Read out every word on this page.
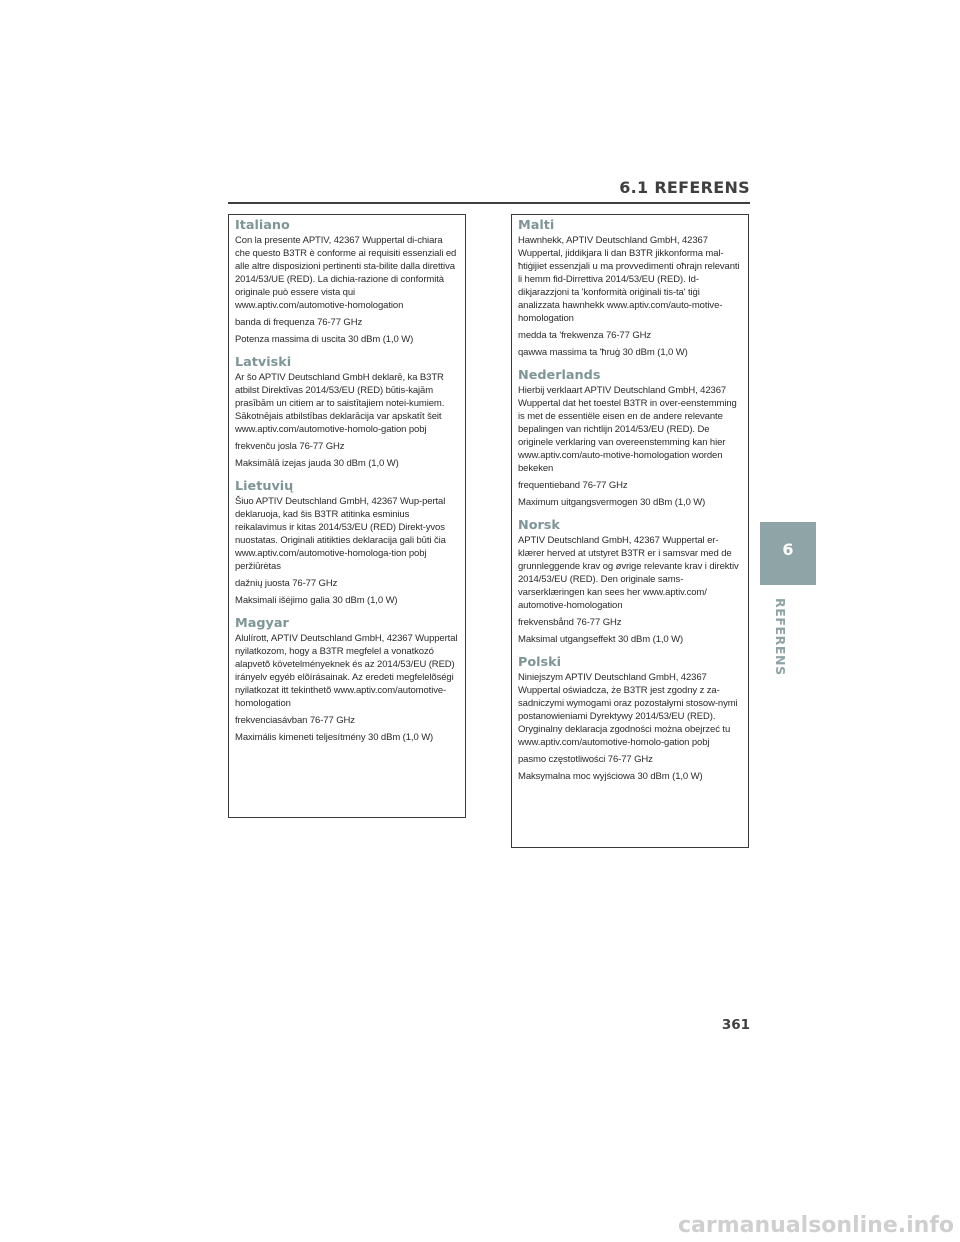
6.1 REFERENS
Italiano

Con la presente APTIV, 42367 Wuppertal di-chiara che questo B3TR è conforme ai requisiti essenziali ed alle altre disposizioni pertinenti sta-bilite dalla direttiva 2014/53/UE (RED). La dichia-razione di conformità originale può essere vista qui www.aptiv.com/automotive-homologation

banda di frequenza 76-77 GHz

Potenza massima di uscita 30 dBm (1,0 W)

Latviski

Ar šo APTIV Deutschland GmbH deklarē, ka B3TR atbilst Direktīvas 2014/53/EU (RED) būtis-kajām prasībām un citiem ar to saistītajiem notei-kumiem. Sākotnējais atbilstības deklarācija var apskatīt šeit www.aptiv.com/automotive-homolo-gation pobj

frekvenču josla 76-77 GHz

Maksimālā izejas jauda 30 dBm (1,0 W)

Lietuvių

Šiuo APTIV Deutschland GmbH, 42367 Wup-pertal deklaruoja, kad šis B3TR atitinka esminius reikalavimus ir kitas 2014/53/EU (RED) Direkt-yvos nuostatas. Originali atitikties deklaracija gali būti čia www.aptiv.com/automotive-homologa-tion pobj peržiūrėtas

dažnių juosta 76-77 GHz

Maksimali išėjimo galia 30 dBm (1,0 W)

Magyar

Alulírott, APTIV Deutschland GmbH, 42367 Wuppertal nyilatkozom, hogy a B3TR megfelel a vonatkozó alapvetõ követelményeknek és az 2014/53/EU (RED) irányelv egyéb elõírásainak. Az eredeti megfelelõségi nyilatkozat itt tekinthetõ www.aptiv.com/automotive-homologation

frekvenciasávban 76-77 GHz

Maximális kimeneti teljesítmény 30 dBm (1,0 W)

Malti

Hawnhekk, APTIV Deutschland GmbH, 42367 Wuppertal, jiddikjara li dan B3TR jikkonforma mal-ħtiġijiet essenzjali u ma provvedimenti oħrajn relevanti li hemm fid-Dirrettiva 2014/53/EU (RED). Id-dikjarazzjoni ta 'konformità oriġinali tis-ta' tiġi analizzata hawnhekk www.aptiv.com/auto-motive-homologation

medda ta 'frekwenza 76-77 GHz

qawwa massima ta 'ħruġ 30 dBm (1,0 W)

Nederlands

Hierbij verklaart APTIV Deutschland GmbH, 42367 Wuppertal dat het toestel B3TR in over-eenstemming is met de essentiële eisen en de andere relevante bepalingen van richtlijn 2014/53/EU (RED). De originele verklaring van overeenstemming kan hier www.aptiv.com/auto-motive-homologation worden bekeken

frequentieband 76-77 GHz

Maximum uitgangsvermogen 30 dBm (1,0 W)

Norsk

APTIV Deutschland GmbH, 42367 Wuppertal er-klærer herved at utstyret B3TR er i samsvar med de grunnleggende krav og øvrige relevante krav i direktiv 2014/53/EU (RED). Den originale sams-varserklæringen kan sees her www.aptiv.com/ automotive-homologation

frekvensbånd 76-77 GHz

Maksimal utgangseffekt 30 dBm (1,0 W)

Polski

Niniejszym APTIV Deutschland GmbH, 42367 Wuppertal oświadcza, że B3TR jest zgodny z za-sadniczymi wymogami oraz pozostałymi stosow-nymi postanowieniami Dyrektywy 2014/53/EU (RED). Oryginalny deklaracja zgodności można obejrzeć tu www.aptiv.com/automotive-homolo-gation pobj

pasmo częstotliwości 76-77 GHz

Maksymalna moc wyjściowa 30 dBm (1,0 W)

6
REFERENS
361
carmanualsonline.info
